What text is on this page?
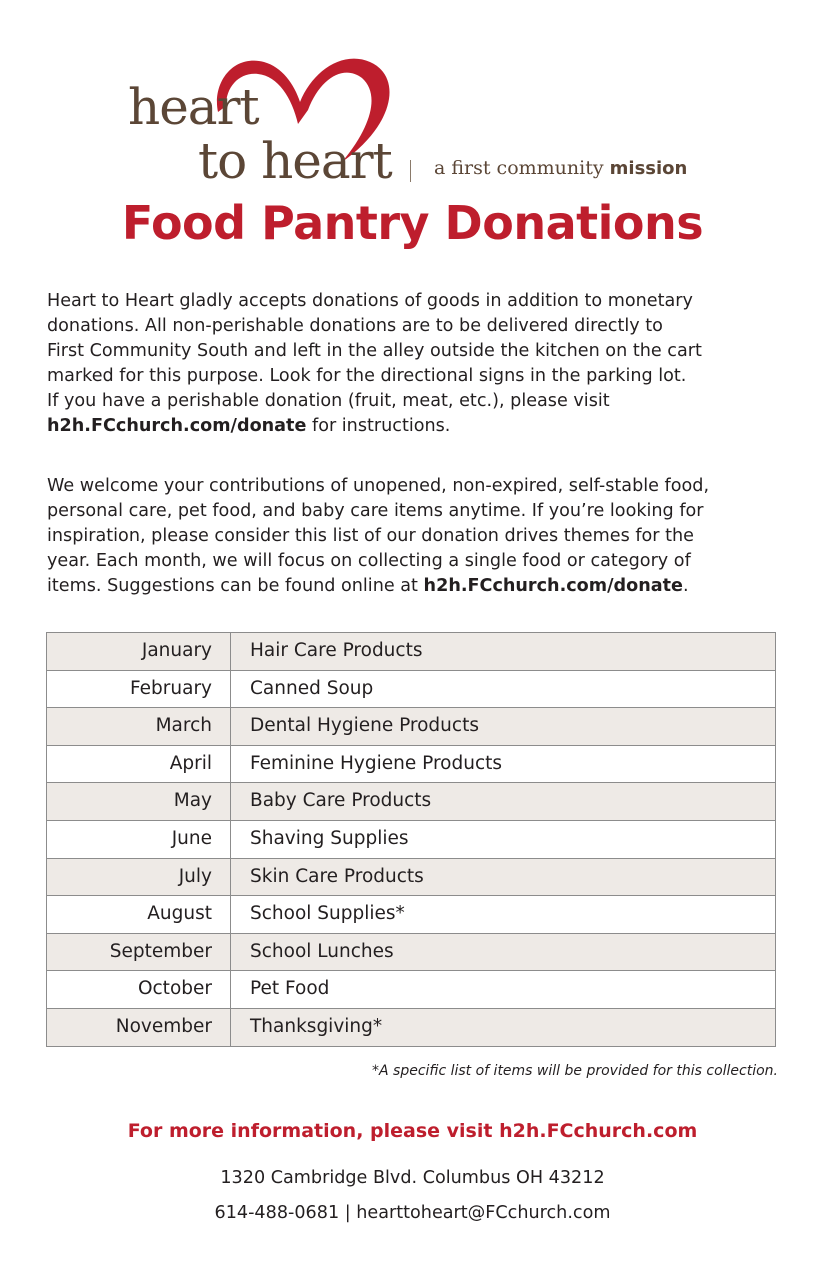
heart
to heart a first community mission
Food Pantry Donations
Heart to Heart gladly accepts donations of goods in addition to monetary
donations. All non-perishable donations are to be delivered directly to
First Community South and left in the alley outside the kitchen on the cart
marked for this purpose. Look for the directional signs in the parking lot.
If you have a perishable donation (fruit, meat, etc.), please visit
h2h.FCchurch.com/donate for instructions.
We welcome your contributions of unopened, non-expired, self-stable food,
personal care, pet food, and baby care items anytime. If you’re looking for
inspiration, please consider this list of our donation drives themes for the
year. Each month, we will focus on collecting a single food or category of
items. Suggestions can be found online at h2h.FCchurch.com/donate.
January	Hair Care Products
February	Canned Soup
March	Dental Hygiene Products
April	Feminine Hygiene Products
May	Baby Care Products
June	Shaving Supplies
July	Skin Care Products
August	School Supplies*
September	School Lunches
October	Pet Food
November	Thanksgiving*
*A specific list of items will be provided for this collection.
For more information, please visit h2h.FCchurch.com
1320 Cambridge Blvd. Columbus OH 43212
614-488-0681 | hearttoheart@FCchurch.com
